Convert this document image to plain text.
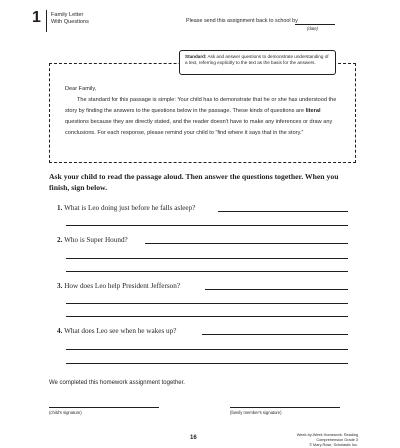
1 Family Letter
With Questions	Please send this assignment back to school by
(date)
Standard: Ask and answer questions to demonstrate understanding of a text, referring explicitly to the text as the basis for the answers.

Dear Family,

The standard for this passage is simple: Your child has to demonstrate that he or she has understood the story by finding the answers to the questions below in the passage. These kinds of questions are literal questions because they are directly stated, and the reader doesn't have to make any inferences or draw any conclusions. For each response, please remind your child to “find where it says that in the story.”

Ask your child to read the passage aloud. Then answer the questions together. When you finish, sign below.
1. What is Leo doing just before he falls asleep?
2. Who is Super Hound?
3. How does Leo help President Jefferson?
4. What does Leo see when he wakes up?
We completed this homework assignment together.
(child's signature)	(family member's signature)
16	Week-by-Week Homework: Reading Comprehension Grade 3
© Mary Rose, Scholastic Inc.
